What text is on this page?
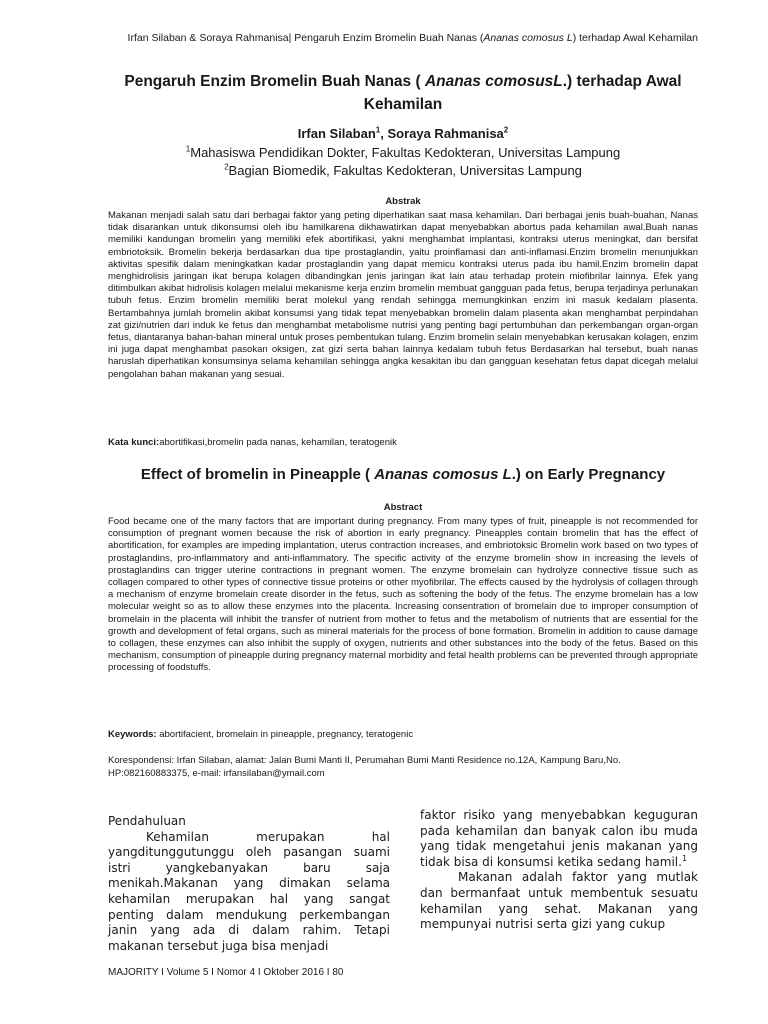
Irfan Silaban & Soraya Rahmanisa| Pengaruh Enzim Bromelin Buah Nanas (Ananas comosus L) terhadap Awal Kehamilan
Pengaruh Enzim Bromelin Buah Nanas ( Ananas comosusL.) terhadap Awal Kehamilan
Irfan Silaban$^1$, Soraya Rahmanisa$^2$
$^1$Mahasiswa Pendidikan Dokter, Fakultas Kedokteran, Universitas Lampung
$^2$Bagian Biomedik, Fakultas Kedokteran, Universitas Lampung
Abstrak
Makanan menjadi salah satu dari berbagai faktor yang peting diperhatikan saat masa kehamilan. Dari berbagai jenis buah-buahan, Nanas tidak disarankan untuk dikonsumsi oleh ibu hamilkarena dikhawatirkan dapat menyebabkan abortus pada kehamilan awal.Buah nanas memiliki kandungan bromelin yang memiliki efek abortifikasi, yakni menghambat implantasi, kontraksi uterus meningkat, dan bersifat embriotoksik. Bromelin bekerja berdasarkan dua tipe prostaglandin, yaitu proinflamasi dan anti-inflamasi.Enzim bromelin menunjukkan aktivitas spesifik dalam meningkatkan kadar prostaglandin yang dapat memicu kontraksi uterus pada ibu hamil.Enzim bromelin dapat menghidrolisis jaringan ikat berupa kolagen dibandingkan jenis jaringan ikat lain atau terhadap protein miofibrilar lainnya. Efek yang ditimbulkan akibat hidrolisis kolagen melalui mekanisme kerja enzim bromelin membuat gangguan pada fetus, berupa terjadinya perlunakan tubuh fetus. Enzim bromelin memiliki berat molekul yang rendah sehingga memungkinkan enzim ini masuk kedalam plasenta. Bertambahnya jumlah bromelin akibat konsumsi yang tidak tepat menyebabkan bromelin dalam plasenta akan menghambat perpindahan zat gizi/nutrien dari induk ke fetus dan menghambat metabolisme nutrisi yang penting bagi pertumbuhan dan perkembangan organ-organ fetus, diantaranya bahan-bahan mineral untuk proses pembentukan tulang. Enzim bromelin selain menyebabkan kerusakan kolagen, enzim ini juga dapat menghambat pasokan oksigen, zat gizi serta bahan lainnya kedalam tubuh fetus Berdasarkan hal tersebut, buah nanas haruslah diperhatikan konsumsinya selama kehamilan sehingga angka kesakitan ibu dan gangguan kesehatan fetus dapat dicegah melalui pengolahan bahan makanan yang sesuai.
Kata kunci:abortifikasi,bromelin pada nanas, kehamilan, teratogenik
Effect of bromelin in Pineapple ( Ananas comosus L.) on Early Pregnancy
Abstract
Food became one of the many factors that are important during pregnancy. From many types of fruit, pineapple is not recommended for consumption of pregnant women because the risk of abortion in early pregnancy. Pineapples contain bromelin that has the effect of abortification, for examples are impeding implantation, uterus contraction increases, and embriotoksic Bromelin work based on two types of prostaglandins, pro-inflammatory and anti-inflammatory. The specific activity of the enzyme bromelin show in increasing the levels of prostaglandins can trigger uterine contractions in pregnant women. The enzyme bromelain can hydrolyze connective tissue such as collagen compared to other types of connective tissue proteins or other myofibrilar. The effects caused by the hydrolysis of collagen through a mechanism of enzyme bromelain create disorder in the fetus, such as softening the body of the fetus. The enzyme bromelain has a low molecular weight so as to allow these enzymes into the placenta. Increasing consentration of bromelain due to improper consumption of bromelain in the placenta will inhibit the transfer of nutrient from mother to fetus and the metabolism of nutrients that are essential for the growth and development of fetal organs, such as mineral materials for the process of bone formation. Bromelin in addition to cause damage to collagen, these enzymes can also inhibit the supply of oxygen, nutrients and other substances into the body of the fetus. Based on this mechanism, consumption of pineapple during pregnancy maternal morbidity and fetal health problems can be prevented through appropriate processing of foodstuffs.
Keywords: abortifacient, bromelain in pineapple, pregnancy, teratogenic
Korespondensi: Irfan Silaban, alamat: Jalan Bumi Manti II, Perumahan Bumi Manti Residence no.12A, Kampung Baru,No. HP:082160883375, e-mail: irfansilaban@ymail.com

Pendahuluan

Kehamilan merupakan hal yangditunggutunggu oleh pasangan suami istri yangkebanyakan baru saja menikah.Makanan yang dimakan selama kehamilan merupakan hal yang sangat penting dalam mendukung perkembangan janin yang ada di dalam rahim. Tetapi makanan tersebut juga bisa menjadi

faktor risiko yang menyebabkan keguguran pada kehamilan dan banyak calon ibu muda yang tidak mengetahui jenis makanan yang tidak bisa di konsumsi ketika sedang hamil.$^1$

Makanan adalah faktor yang mutlak dan bermanfaat untuk membentuk sesuatu kehamilan yang sehat. Makanan yang mempunyai nutrisi serta gizi yang cukup

MAJORITY I Volume 5 I Nomor 4 I Oktober 2016 I 80
